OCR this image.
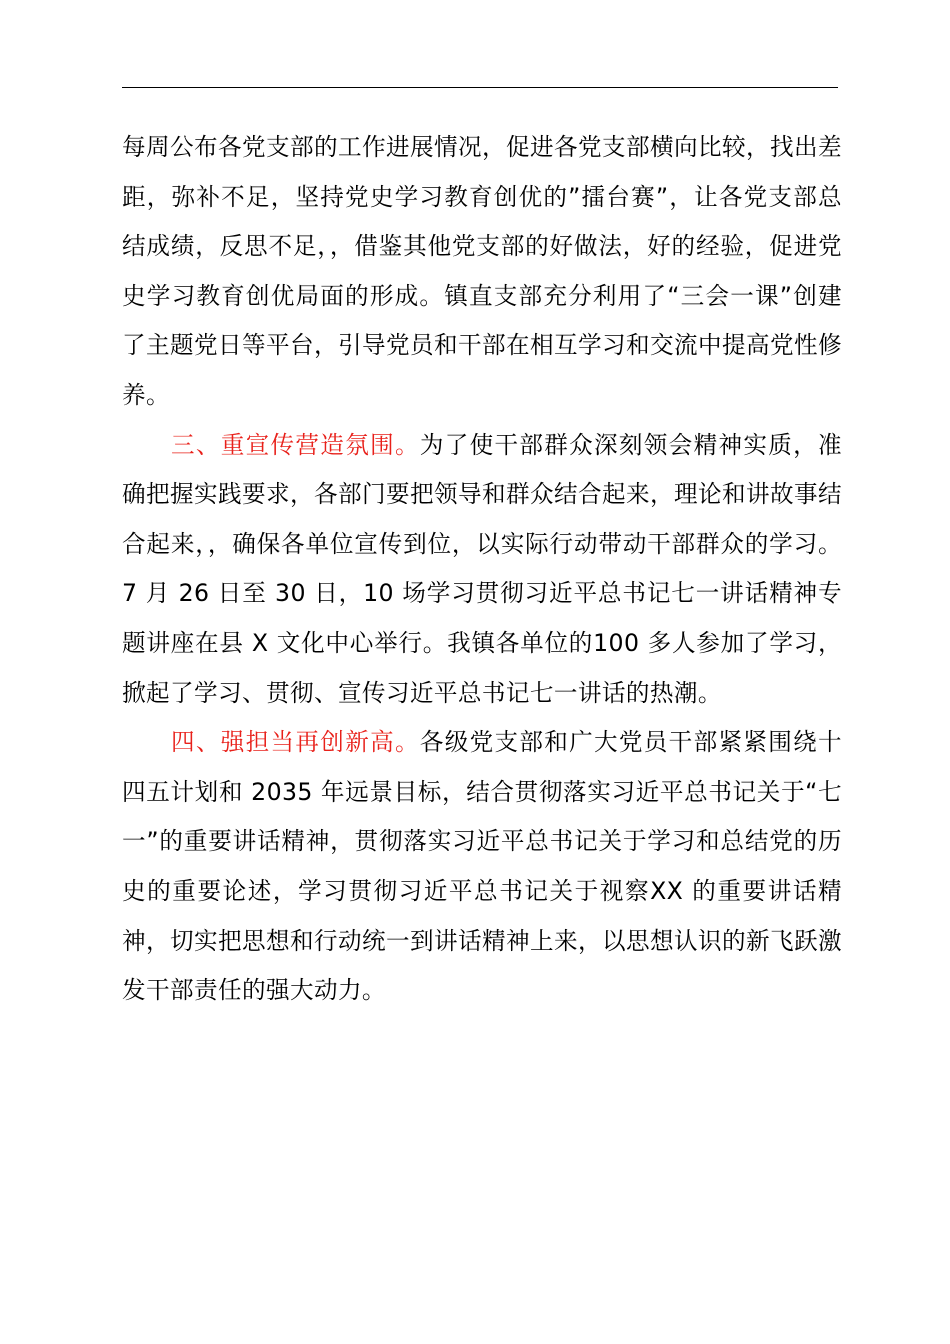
每周公布各党支部的工作进展情况，促进各党支部横向比较，找出差距，弥补不足，坚持党史学习教育创优的”擂台赛”，让各党支部总结成绩，反思不足，，借鉴其他党支部的好做法，好的经验，促进党史学习教育创优局面的形成。镇直支部充分利用了“三会一课”创建了主题党日等平台，引导党员和干部在相互学习和交流中提高党性修养。

三、重宣传营造氛围。为了使干部群众深刻领会精神实质，准确把握实践要求，各部门要把领导和群众结合起来，理论和讲故事结合起来，，确保各单位宣传到位，以实际行动带动干部群众的学习。7 月 26 日至 30 日，10 场学习贯彻习近平总书记七一讲话精神专题讲座在县 X 文化中心举行。我镇各单位的100 多人参加了学习，掀起了学习、贯彻、宣传习近平总书记七一讲话的热潮。

四、强担当再创新高。各级党支部和广大党员干部紧紧围绕十四五计划和 2035 年远景目标，结合贯彻落实习近平总书记关于“七一”的重要讲话精神，贯彻落实习近平总书记关于学习和总结党的历史的重要论述，学习贯彻习近平总书记关于视察XX 的重要讲话精神，切实把思想和行动统一到讲话精神上来，以思想认识的新飞跃激发干部责任的强大动力。
